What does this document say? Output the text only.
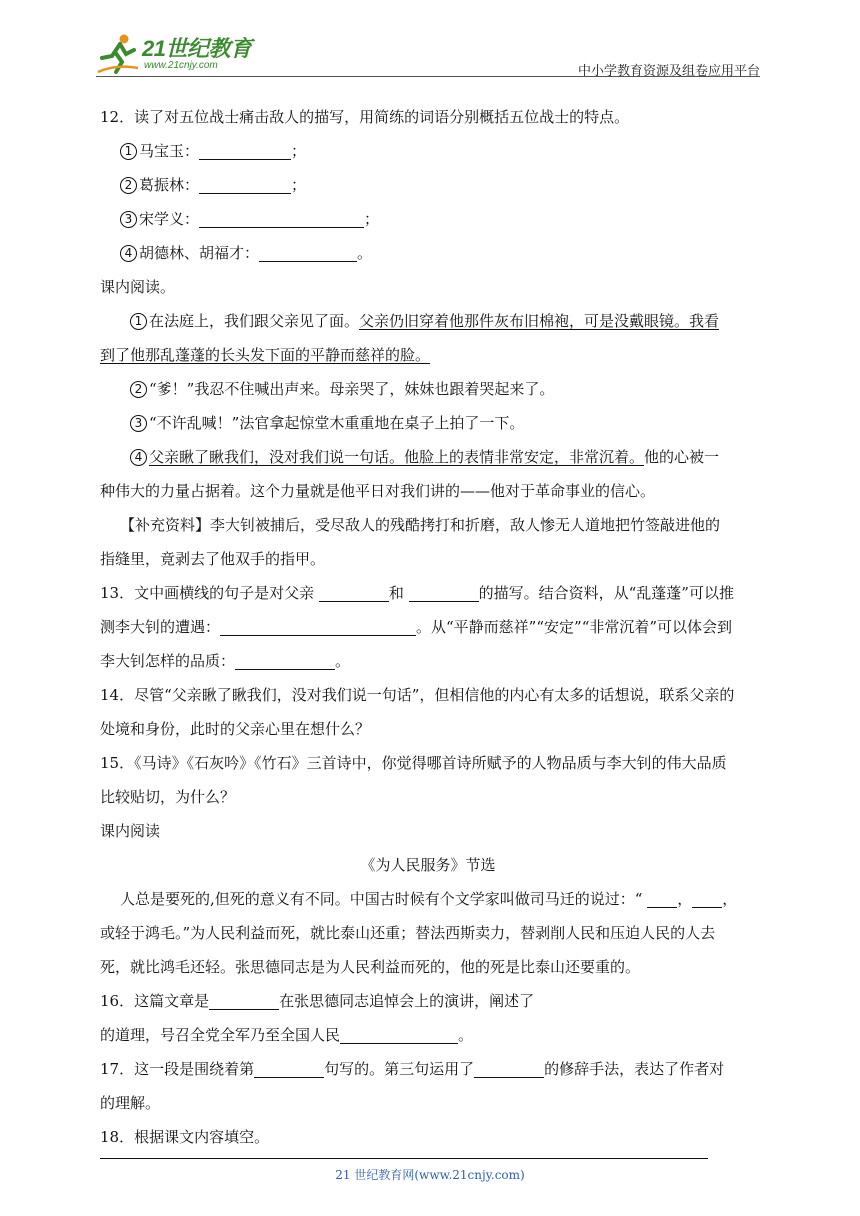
21世纪教育
www.21cnjy.com	中小学教育资源及组卷应用平台
12．读了对五位战士痛击敌人的描写，用简练的词语分别概括五位战士的特点。
1 马宝玉：	；
2 葛振林：	；
3 宋学义：	；
4 胡德林、胡福才：	。
课内阅读。
1 在法庭上，我们跟父亲见了面。父亲仍旧穿着他那件灰布旧棉袍，可是没戴眼镜。我看
到了他那乱蓬蓬的长头发下面的平静而慈祥的脸。
2 “爹！”我忍不住喊出声来。母亲哭了，妹妹也跟着哭起来了。
3 “不许乱喊！”法官拿起惊堂木重重地在桌子上拍了一下。
4 父亲瞅了瞅我们，没对我们说一句话。他脸上的表情非常安定，非常沉着。他的心被一
种伟大的力量占据着。这个力量就是他平日对我们讲的——他对于革命事业的信心。
【补充资料】李大钊被捕后，受尽敌人的残酷拷打和折磨，敌人惨无人道地把竹签敲进他的
指缝里，竟剥去了他双手的指甲。
13．文中画横线的句子是对父亲	和	的描写。结合资料，从“乱蓬蓬”可以推
测李大钊的遭遇：	。从“平静而慈祥”“安定”“非常沉着”可以体会到
李大钊怎样的品质：	。
14．尽管“父亲瞅了瞅我们，没对我们说一句话”，但相信他的内心有太多的话想说，联系父亲的
处境和身份，此时的父亲心里在想什么？
15．《马诗》《石灰吟》《竹石》三首诗中，你觉得哪首诗所赋予的人物品质与李大钊的伟大品质
比较贴切，为什么？
课内阅读
《为人民服务》节选
人总是要死的,但死的意义有不同。中国古时候有个文学家叫做司马迁的说过：“ ， ，
或轻于鸿毛。”为人民利益而死，就比泰山还重；替法西斯卖力，替剥削人民和压迫人民的人去
死，就比鸿毛还轻。张思德同志是为人民利益而死的，他的死是比泰山还要重的。
16．这篇文章是	在张思德同志追悼会上的演讲，阐述了
的道理，号召全党全军乃至全国人民	。
17．这一段是围绕着第	句写的。第三句运用了	的修辞手法，表达了作者对
的理解。
18．根据课文内容填空。
21 世纪教育网(www.21cnjy.com)
